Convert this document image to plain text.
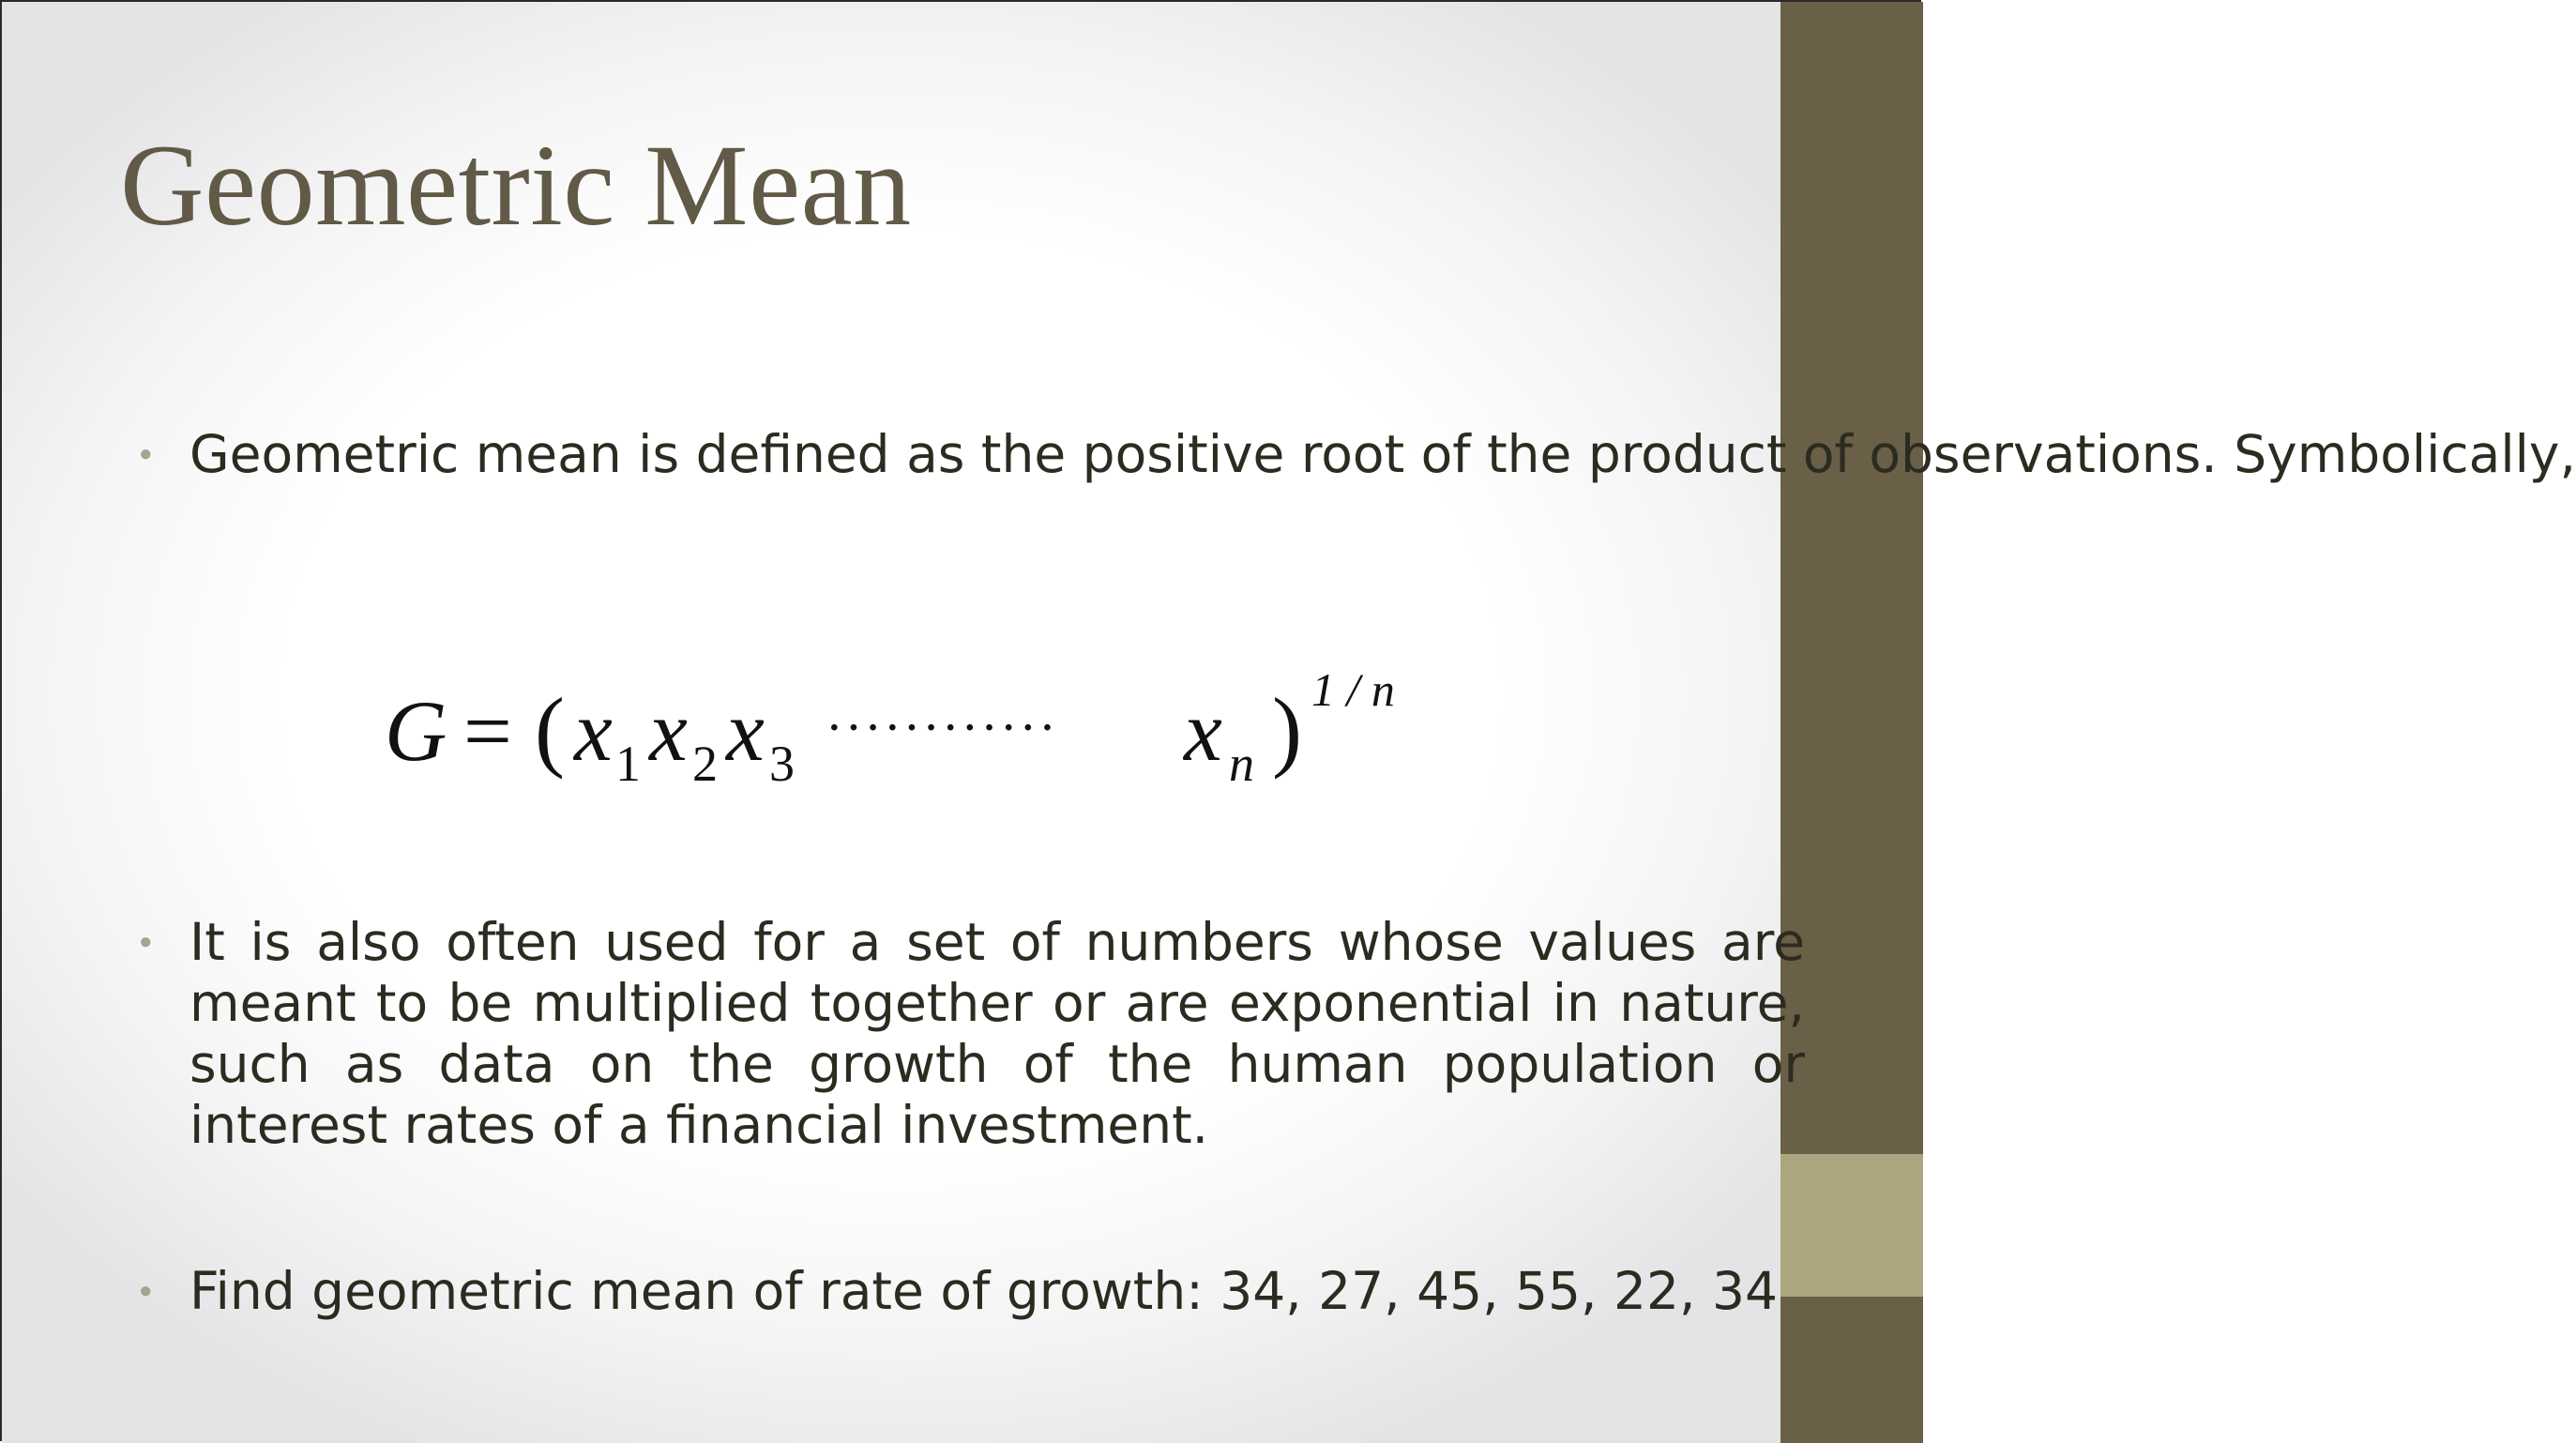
Geometric Mean
● Geometric mean is defined as the positive root of the product of observations. Symbolically,

G = ( x 1 x 2 x 3
············ x n ) 1 / n
● It is also often used for a set of numbers whose values are meant to be multiplied together or are exponential in nature, such as data on the growth of the human population or interest rates of a financial investment.

● Find geometric mean of rate of growth: 34, 27, 45, 55, 22, 34
